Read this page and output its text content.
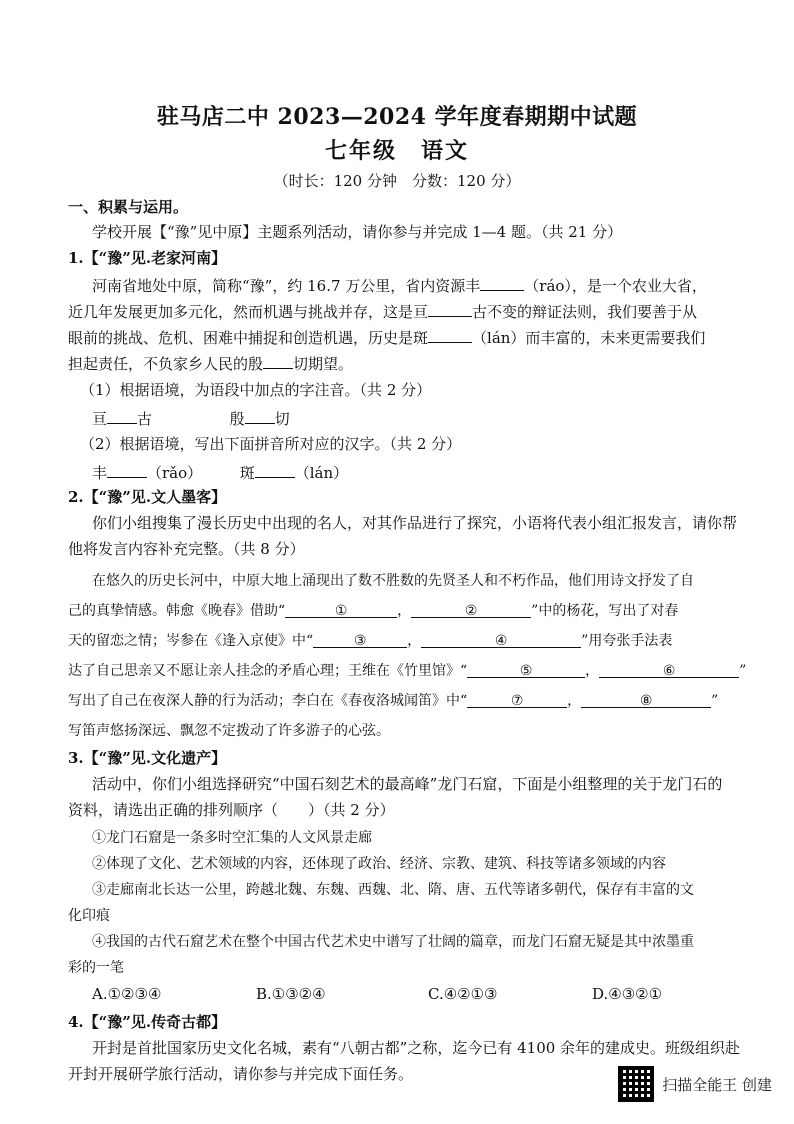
驻马店二中 2023—2024 学年度春期期中试题
七年级　语文
（时长：120 分钟　分数：120 分）
一、积累与运用。
学校开展【“豫”见中原】主题系列活动，请你参与并完成 1—4 题。（共 21 分）
1.【“豫”见.老家河南】
河南省地处中原，简称“豫”，约 16.7 万公里，省内资源丰	（ráo），是一个农业大省，
近几年发展更加多元化，然而机遇与挑战并存，这是亘	古不变的辩证法则，我们要善于从
眼前的挑战、危机、困难中捕捉和创造机遇，历史是斑	（lán）而丰富的，未来更需要我们
担起责任，不负家乡人民的殷 切期望。
（1）根据语境，为语段中加点的字注音。（共 2 分）
亘 古	殷 切
（2）根据语境，写出下面拼音所对应的汉字。（共 2 分）
丰	（rǎo）	斑	（lán）
2.【“豫”见.文人墨客】
你们小组搜集了漫长历史中出现的名人，对其作品进行了探究，小语将代表小组汇报发言，请你帮
他将发言内容补充完整。（共 8 分）
在悠久的历史长河中，中原大地上涌现出了数不胜数的先贤圣人和不朽作品，他们用诗文抒发了自
己的真挚情感。韩愈《晚春》借助“	①	，	②	”中的杨花，写出了对春
天的留恋之情；岑参在《逢入京使》中“	③	，	④	”用夸张手法表
达了自己思亲又不愿让亲人挂念的矛盾心理；王维在《竹里馆》“	⑤	，	⑥	”
写出了自己在夜深人静的行为活动；李白在《春夜洛城闻笛》中“	⑦	，	⑧	”
写笛声悠扬深远、飘忽不定拨动了许多游子的心弦。
3.【“豫”见.文化遗产】
活动中，你们小组选择研究“中国石刻艺术的最高峰”龙门石窟，下面是小组整理的关于龙门石的
资料，请选出正确的排列顺序（　　）（共 2 分）
①龙门石窟是一条多时空汇集的人文风景走廊
②体现了文化、艺术领域的内容，还体现了政治、经济、宗教、建筑、科技等诸多领域的内容
③走廊南北长达一公里，跨越北魏、东魏、西魏、北、隋、唐、五代等诸多朝代，保存有丰富的文
化印痕
④我国的古代石窟艺术在整个中国古代艺术史中谱写了壮阔的篇章，而龙门石窟无疑是其中浓墨重
彩的一笔
A.①②③④	B.①③②④	C.④②①③	D.④③②①
4.【“豫”见.传奇古都】
开封是首批国家历史文化名城，素有“八朝古都”之称，迄今已有 4100 余年的建成史。班级组织赴
开封开展研学旅行活动，请你参与并完成下面任务。
扫描全能王 创建
